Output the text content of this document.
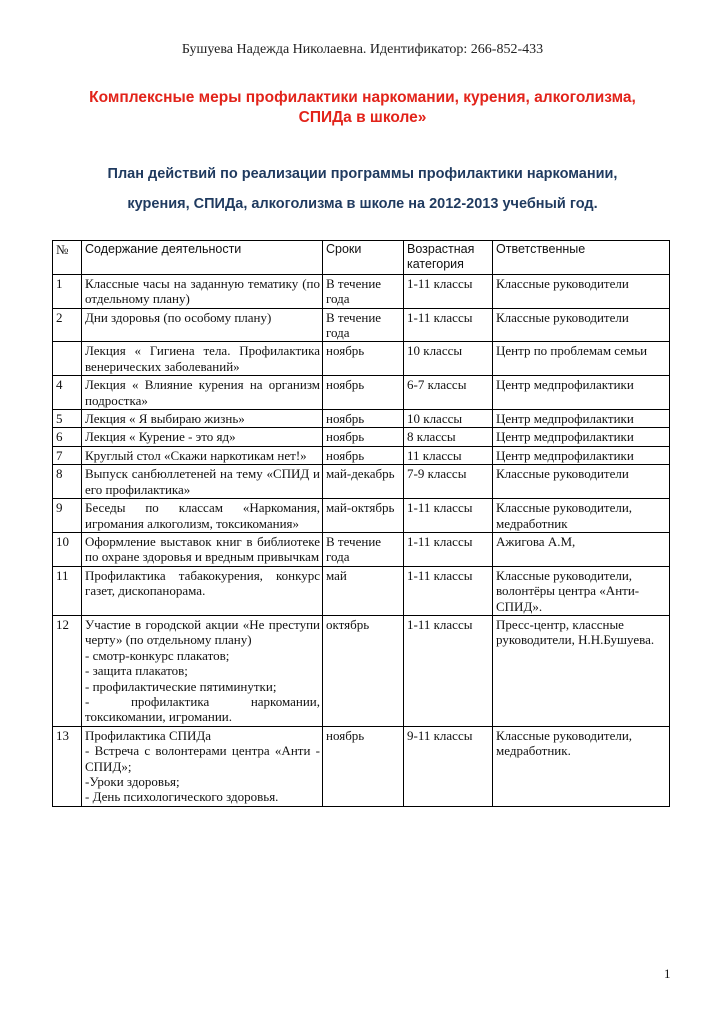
Бушуева Надежда Николаевна. Идентификатор: 266-852-433
Комплексные меры профилактики наркомании, курения, алкоголизма,
СПИДа в школе»
План действий по реализации программы профилактики наркомании,
курения, СПИДа, алкоголизма в школе на 2012-2013 учебный год.
№	Содержание деятельности	Сроки	Возрастная категория	Ответственные
1	Классные часы на заданную тематику (по отдельному плану)	В течение года	1-11 классы	Классные руководители
2	Дни здоровья (по особому плану)	В течение года	1-11 классы	Классные руководители
	Лекция « Гигиена тела. Профилактика венерических заболеваний»	ноябрь	10 классы	Центр по проблемам семьи
4	Лекция « Влияние курения на организм подростка»	ноябрь	6-7 классы	Центр медпрофилактики
5	Лекция « Я выбираю жизнь»	ноябрь	10 классы	Центр медпрофилактики
6	Лекция « Курение - это яд»	ноябрь	8 классы	Центр медпрофилактики
7	Круглый стол «Скажи наркотикам нет!»	ноябрь	11 классы	Центр медпрофилактики
8	Выпуск санбюллетеней на тему «СПИД и его профилактика»	май-декабрь	7-9 классы	Классные руководители
9	Беседы по классам «Наркомания, игромания алкоголизм, токсикомания»	май-октябрь	1-11 классы	Классные руководители, медработник
10	Оформление выставок книг в библиотеке по охране здоровья и вредным привычкам	В течение года	1-11 классы	Ажигова А.М,
11	Профилактика табакокурения, конкурс газет, дископанорама.	май	1-11 классы	Классные руководители, волонтёры центра «Анти-СПИД».
12	Участие в городской акции «Не преступи черту» (по отдельному плану)
- смотр-конкурс плакатов;
- защита плакатов;
- профилактические пятиминутки;
- профилактика наркомании, токсикомании, игромании.	октябрь	1-11 классы	Пресс-центр, классные руководители, Н.Н.Бушуева.
13	Профилактика СПИДа
- Встреча с волонтерами центра «Анти - СПИД»;
-Уроки здоровья;
- День психологического здоровья.	ноябрь	9-11 классы	Классные руководители, медработник.
1
